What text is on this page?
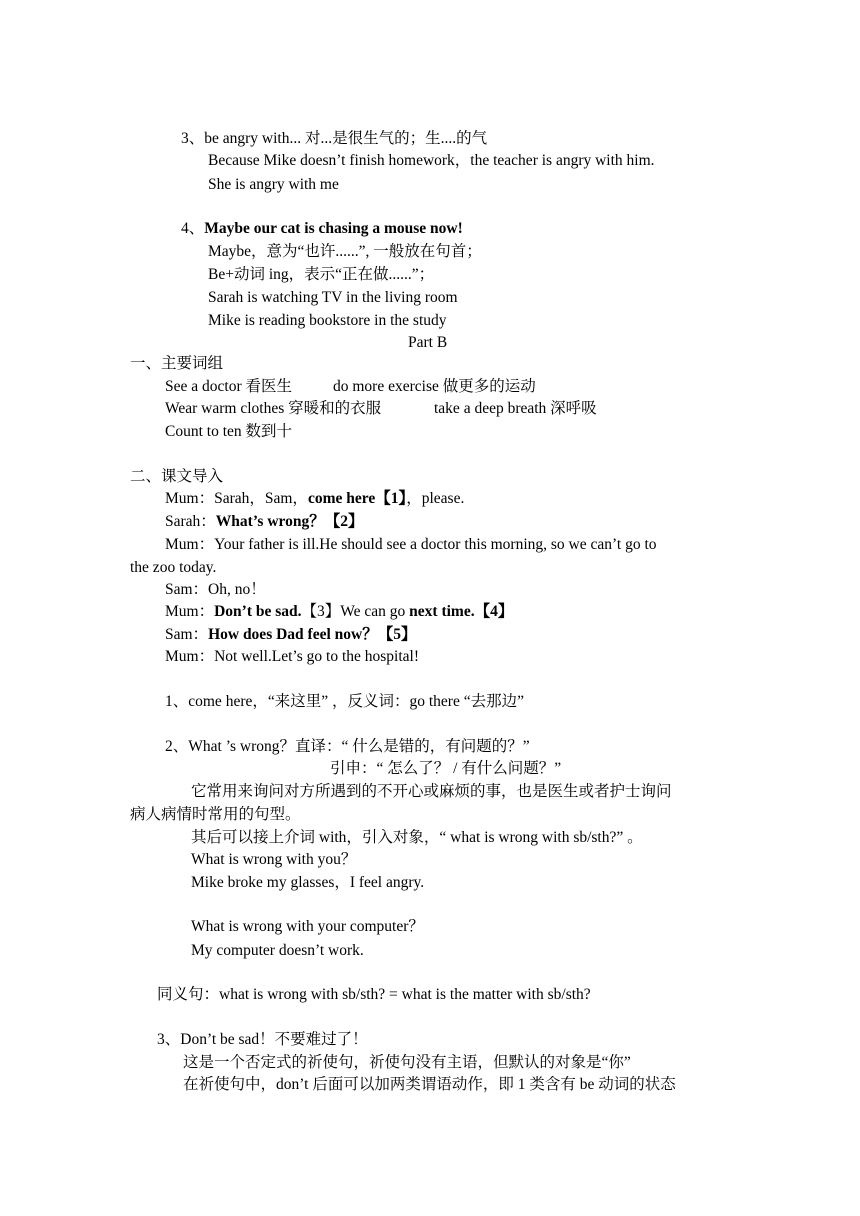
3、be angry with... 对...是很生气的；生....的气
Because Mike doesn’t finish homework，the teacher is angry with him.
She is angry with me
4、Maybe our cat is chasing a mouse now!
Maybe，意为“也许......”, 一般放在句首；
Be+动词 ing，表示“正在做......”；
Sarah is watching TV in the living room
Mike is reading bookstore in the study
Part B
一、主要词组
See a doctor 看医生	do more exercise 做更多的运动
Wear warm clothes 穿暖和的衣服	take a deep breath 深呼吸
Count to ten 数到十
二、课文导入
Mum：Sarah，Sam，come here【1】，please.
Sarah：What’s wrong？【2】
Mum：Your father is ill.He should see a doctor this morning, so we can’t go to
the zoo today.
Sam：Oh, no！
Mum：Don’t be sad.【3】We can go next time.【4】
Sam：How does Dad feel now？【5】
Mum：Not well.Let’s go to the hospital!
1、come here，“来这里” ，反义词：go there “去那边”
2、What ’s wrong？直译：“ 什么是错的，有问题的？”
引申：“ 怎么了？ / 有什么问题？”
它常用来询问对方所遇到的不开心或麻烦的事，也是医生或者护士询问
病人病情时常用的句型。
其后可以接上介词 with，引入对象，“ what is wrong with sb/sth?” 。
What is wrong with you？
Mike broke my glasses，I feel angry.
What is wrong with your computer？
My computer doesn’t work.
同义句：what is wrong with sb/sth? = what is the matter with sb/sth?
3、Don’t be sad！不要难过了！
这是一个否定式的祈使句，祈使句没有主语，但默认的对象是“你”
在祈使句中，don’t 后面可以加两类谓语动作，即 1 类含有 be 动词的状态
